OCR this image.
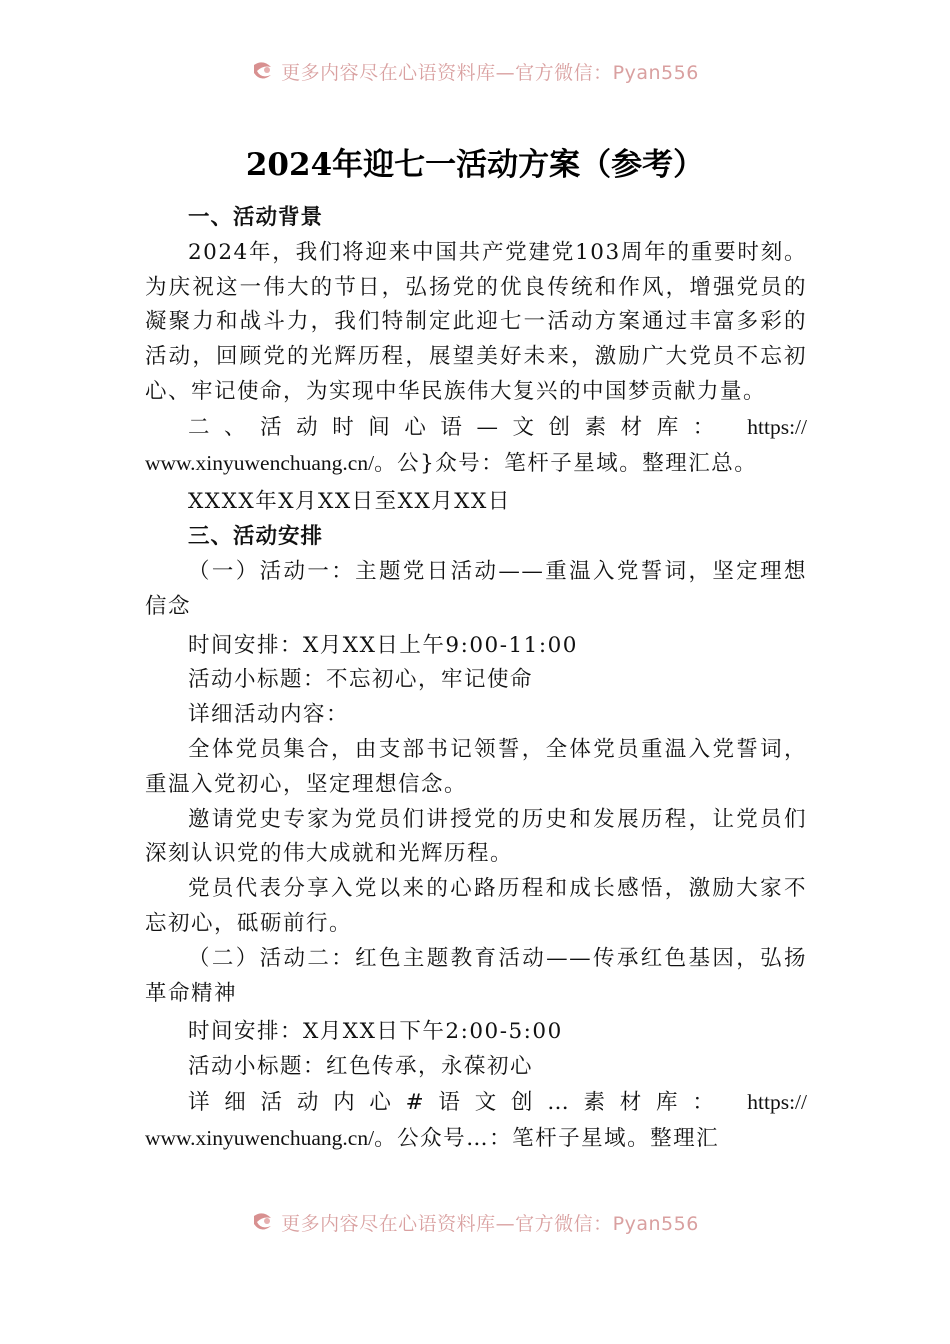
更多内容尽在心语资料库—官方微信：Pyan556
2024年迎七一活动方案（参考）

一、活动背景

2024年，我们将迎来中国共产党建党103周年的重要时刻。为庆祝这一伟大的节日，弘扬党的优良传统和作风，增强党员的凝聚力和战斗力，我们特制定此迎七一活动方案通过丰富多彩的活动，回顾党的光辉历程，展望美好未来，激励广大党员不忘初心、牢记使命，为实现中华民族伟大复兴的中国梦贡献力量。

二、活动时间心语—文创素材库： https://

www.xinyuwenchuang.cn/。公}众号：笔杆子星域。整理汇总。

XXXX年X月XX日至XX月XX日

三、活动安排

（一）活动一：主题党日活动——重温入党誓词，坚定理想信念

时间安排：X月XX日上午9:00-11:00

活动小标题：不忘初心，牢记使命

详细活动内容：

全体党员集合，由支部书记领誓，全体党员重温入党誓词，重温入党初心，坚定理想信念。

邀请党史专家为党员们讲授党的历史和发展历程，让党员们深刻认识党的伟大成就和光辉历程。

党员代表分享入党以来的心路历程和成长感悟，激励大家不忘初心，砥砺前行。

（二）活动二：红色主题教育活动——传承红色基因，弘扬革命精神

时间安排：X月XX日下午2:00-5:00

活动小标题：红色传承，永葆初心

详细活动内心#语文创…素材库： https://

www.xinyuwenchuang.cn/。公众号…：笔杆子星域。整理汇

更多内容尽在心语资料库—官方微信：Pyan556
